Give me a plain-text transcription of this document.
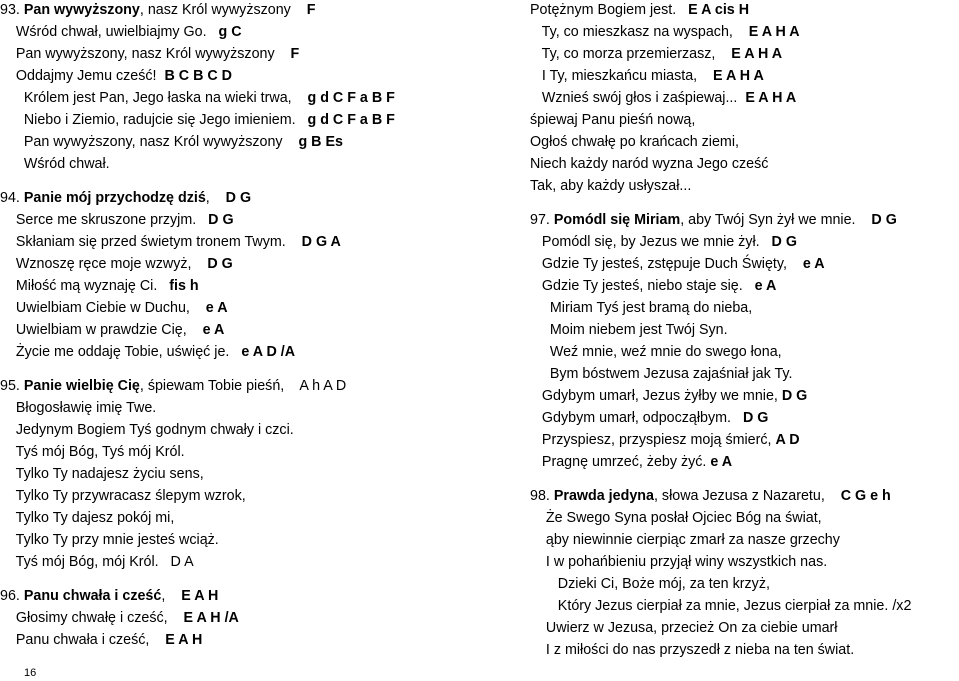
93. Pan wywyższony, nasz Król wywyższony    F
Wśród chwał, uwielbiajmy Go.   g C
Pan wywyższony, nasz Król wywyższony    F
Oddajmy Jemu cześć!  B C B C D
Królem jest Pan, Jego łaska na wieki trwa,    g d C F a B F
Niebo i Ziemio, radujcie się Jego imieniem.   g d C F a B F
Pan wywyższony, nasz Król wywyższony    g B Es
Wśród chwał.
94. Panie mój przychodzę dziś,    D G
Serce me skruszone przyjm.   D G
Skłaniam się przed świetym tronem Twym.    D G A
Wznoszę ręce moje wzwyż,    D G
Miłość mą wyznaję Ci.   fis h
Uwielbiam Ciebie w Duchu,    e A
Uwielbiam w prawdzie Cię,    e A
Życie me oddaję Tobie, uświęć je.   e A D /A
95. Panie wielbię Cię, śpiewam Tobie pieśń,    A h A D
Błogosławię imię Twe.
Jedynym Bogiem Tyś godnym chwały i czci.
Tyś mój Bóg, Tyś mój Król.
Tylko Ty nadajesz życiu sens,
Tylko Ty przywracasz ślepym wzrok,
Tylko Ty dajesz pokój mi,
Tylko Ty przy mnie jesteś wciąż.
Tyś mój Bóg, mój Król.   D A
96. Panu chwała i cześć,    E A H
Głosimy chwałę i cześć,    E A H /A
Panu chwała i cześć,    E A H
Potężnym Bogiem jest.   E A cis H
Ty, co mieszkasz na wyspach,    E A H A
Ty, co morza przemierzasz,    E A H A
I Ty, mieszkańcu miasta,    E A H A
Wznieś swój głos i zaśpiewaj...  E A H A
śpiewaj Panu pieśń nową,
Ogłoś chwałę po krańcach ziemi,
Niech każdy naród wyzna Jego cześć
Tak, aby każdy usłyszał...
97. Pomódl się Miriam, aby Twój Syn żył we mnie.    D G
Pomódl się, by Jezus we mnie żył.   D G
Gdzie Ty jesteś, zstępuje Duch Święty,    e A
Gdzie Ty jesteś, niebo staje się.   e A
Miriam Tyś jest bramą do nieba,
Moim niebem jest Twój Syn.
Weź mnie, weź mnie do swego łona,
Bym bóstwem Jezusa zajaśniał jak Ty.
Gdybym umarł, Jezus żyłby we mnie, D G
Gdybym umarł, odpocząłbym.   D G
Przyspiesz, przyspiesz moją śmierć, A D
Pragnę umrzeć, żeby żyć. e A
98. Prawda jedyna, słowa Jezusa z Nazaretu,    C G e h
Że Swego Syna posłał Ojciec Bóg na świat,
ąby niewinnie cierpiąc zmarł za nasze grzechy
I w pohańbieniu przyjął winy wszystkich nas.
Dzieki Ci, Boże mój, za ten krzyż,
Który Jezus cierpiał za mnie, Jezus cierpiał za mnie. /x2
Uwierz w Jezusa, przecież On za ciebie umarł
I z miłości do nas przyszedł z nieba na ten świat.
16
